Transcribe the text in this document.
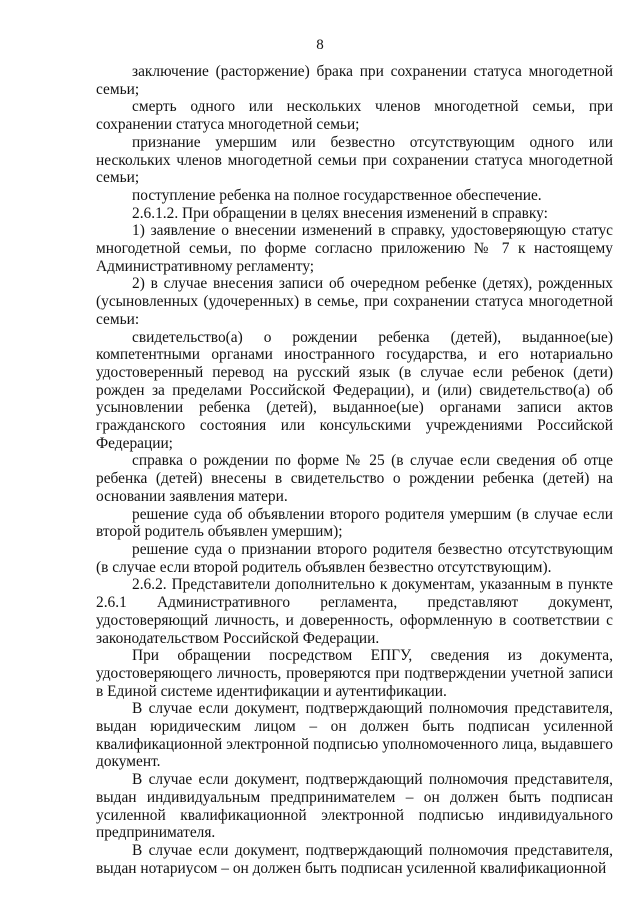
8

заключение (расторжение) брака при сохранении статуса многодетной семьи;

смерть одного или нескольких членов многодетной семьи, при сохранении статуса многодетной семьи;

признание умершим или безвестно отсутствующим одного или нескольких членов многодетной семьи при сохранении статуса многодетной семьи;

поступление ребенка на полное государственное обеспечение.

2.6.1.2. При обращении в целях внесения изменений в справку:

1) заявление о внесении изменений в справку, удостоверяющую статус многодетной семьи, по форме согласно приложению № 7 к настоящему Административному регламенту;

2) в случае внесения записи об очередном ребенке (детях), рожденных (усыновленных (удочеренных) в семье, при сохранении статуса многодетной семьи:

свидетельство(а) о рождении ребенка (детей), выданное(ые) компетентными органами иностранного государства, и его нотариально удостоверенный перевод на русский язык (в случае если ребенок (дети) рожден за пределами Российской Федерации), и (или) свидетельство(а) об усыновлении ребенка (детей), выданное(ые) органами записи актов гражданского состояния или консульскими учреждениями Российской Федерации;

справка о рождении по форме № 25 (в случае если сведения об отце ребенка (детей) внесены в свидетельство о рождении ребенка (детей) на основании заявления матери.

решение суда об объявлении второго родителя умершим (в случае если второй родитель объявлен умершим);

решение суда о признании второго родителя безвестно отсутствующим (в случае если второй родитель объявлен безвестно отсутствующим).

2.6.2. Представители дополнительно к документам, указанным в пункте 2.6.1 Административного регламента, представляют документ, удостоверяющий личность, и доверенность, оформленную в соответствии с законодательством Российской Федерации.

При обращении посредством ЕПГУ, сведения из документа, удостоверяющего личность, проверяются при подтверждении учетной записи в Единой системе идентификации и аутентификации.

В случае если документ, подтверждающий полномочия представителя, выдан юридическим лицом – он должен быть подписан усиленной квалификационной электронной подписью уполномоченного лица, выдавшего документ.

В случае если документ, подтверждающий полномочия представителя, выдан индивидуальным предпринимателем – он должен быть подписан усиленной квалификационной электронной подписью индивидуального предпринимателя.

В случае если документ, подтверждающий полномочия представителя, выдан нотариусом – он должен быть подписан усиленной квалификационной
